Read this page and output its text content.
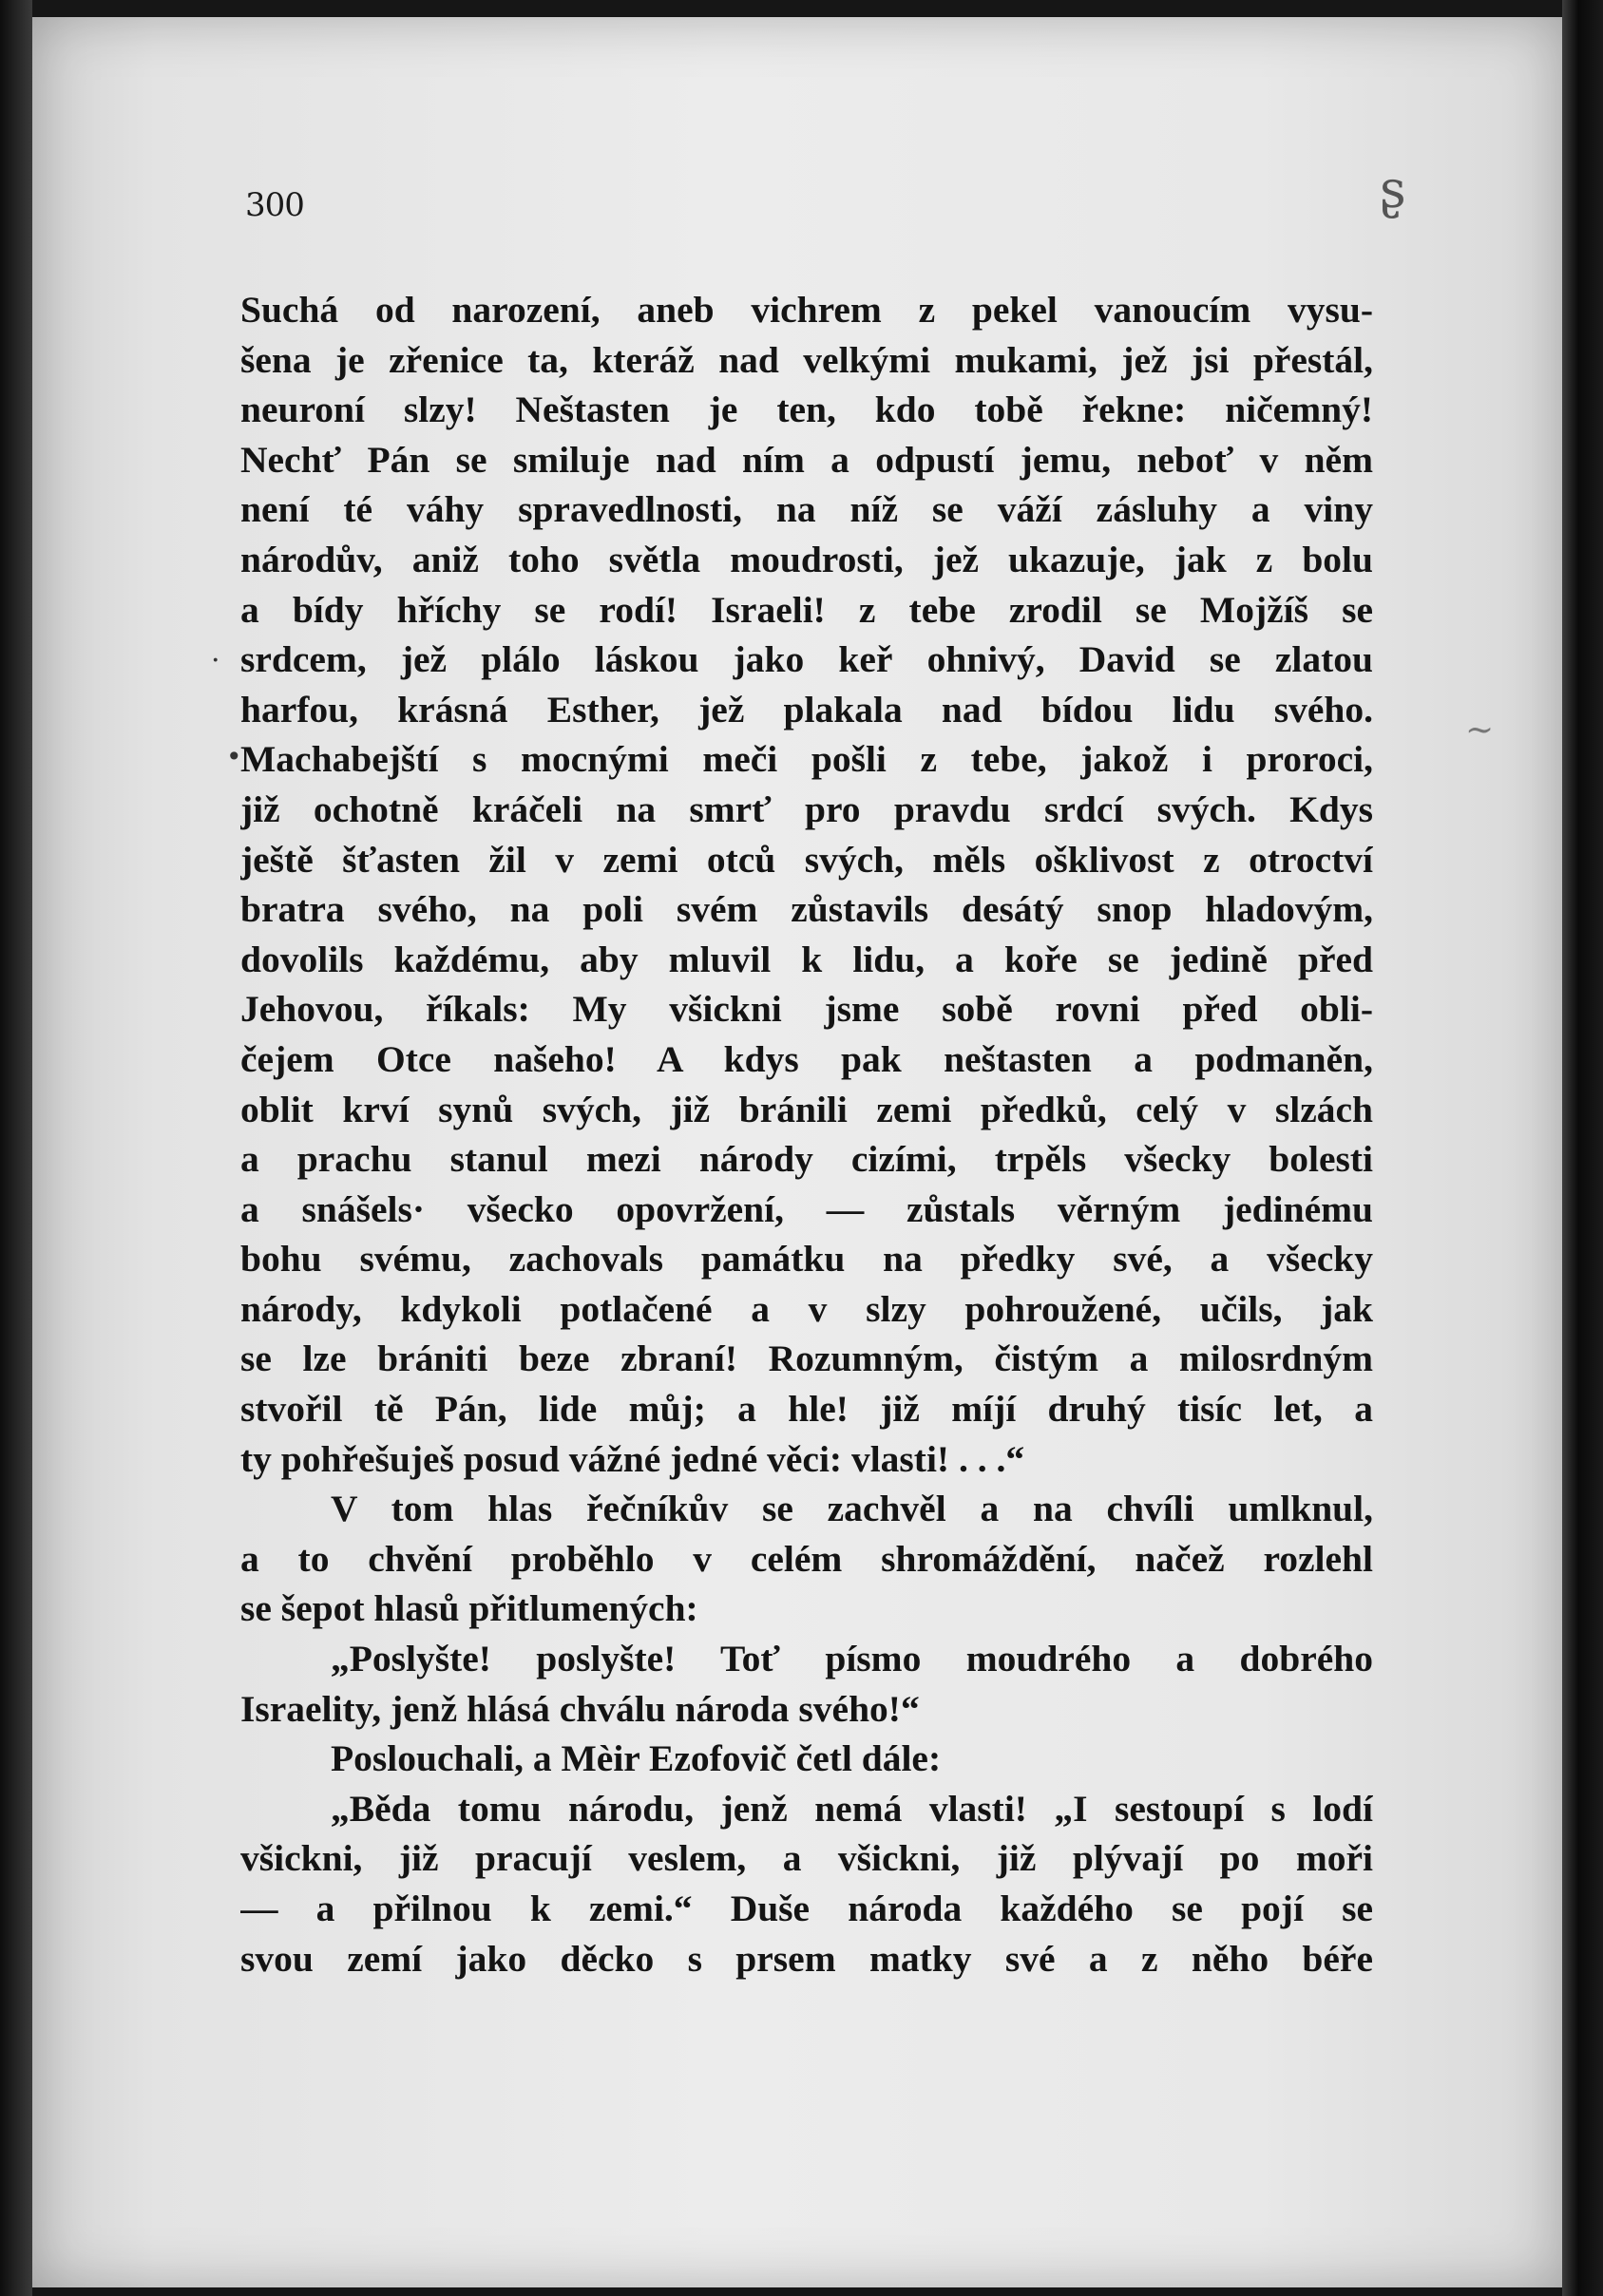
300	ʂ
~
·
•
Suchá od narození, aneb vichrem z pekel vanoucím vysu-
šena je zřenice ta, kteráž nad velkými mukami, jež jsi přestál,
neuroní slzy! Neštasten je ten, kdo tobě řekne: ničemný!
Nechť Pán se smiluje nad ním a odpustí jemu, neboť v něm
není té váhy spravedlnosti, na níž se váží zásluhy a viny
národův, aniž toho světla moudrosti, jež ukazuje, jak z bolu
a bídy hříchy se rodí! Israeli! z tebe zrodil se Mojžíš se
srdcem, jež plálo láskou jako keř ohnivý, David se zlatou
harfou, krásná Esther, jež plakala nad bídou lidu svého.
Machabejští s mocnými meči pošli z tebe, jakož i proroci,
již ochotně kráčeli na smrť pro pravdu srdcí svých. Kdys
ještě šťasten žil v zemi otců svých, měls ošklivost z otroctví
bratra svého, na poli svém zůstavils desátý snop hladovým,
dovolils každému, aby mluvil k lidu, a koře se jedině před
Jehovou, říkals: My všickni jsme sobě rovni před obli-
čejem Otce našeho! A kdys pak neštasten a podmaněn,
oblit krví synů svých, již bránili zemi předků, celý v slzách
a prachu stanul mezi národy cizími, trpěls všecky bolesti
a snášels· všecko opovržení, — zůstals věrným jedinému
bohu svému, zachovals památku na předky své, a všecky
národy, kdykoli potlačené a v slzy pohroužené, učils, jak
se lze brániti beze zbraní! Rozumným, čistým a milosrdným
stvořil tě Pán, lide můj; a hle! již míjí druhý tisíc let, a
ty pohřešuješ posud vážné jedné věci: vlasti! . . .“
V tom hlas řečníkův se zachvěl a na chvíli umlknul,
a to chvění proběhlo v celém shromáždění, načež rozlehl
se šepot hlasů přitlumených:
„Poslyšte! poslyšte! Toť písmo moudrého a dobrého
Israelity, jenž hlásá chválu národa svého!“
Poslouchali, a Mèir Ezofovič četl dále:
„Běda tomu národu, jenž nemá vlasti! „I sestoupí s lodí
všickni, již pracují veslem, a všickni, již plývají po moři
— a přilnou k zemi.“ Duše národa každého se pojí se
svou zemí jako děcko s prsem matky své a z něho béře
